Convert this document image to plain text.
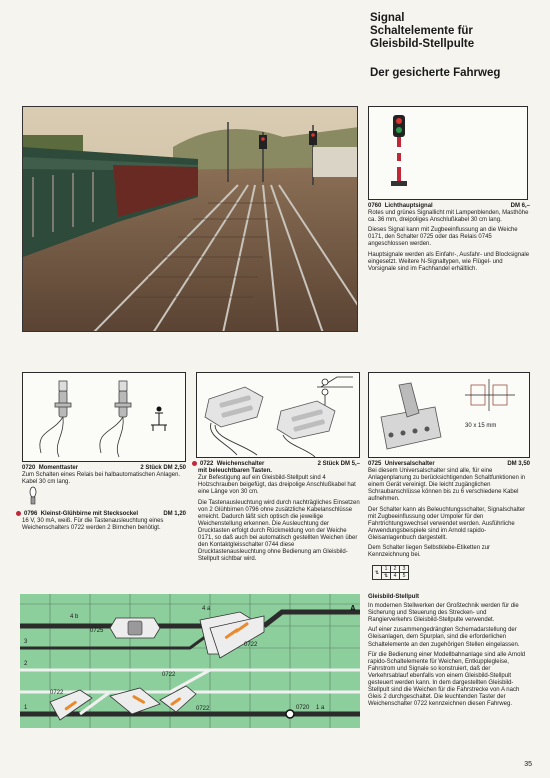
Signal
Schaltelemente für
Gleisbild-Stellpulte
Der gesicherte Fahrweg
0760 Lichthauptsignal	DM 6,–

Rotes und grünes Signallicht mit Lampenblenden, Masthöhe ca. 36 mm, dreipoliges Anschlußkabel 30 cm lang.

Dieses Signal kann mit Zugbeeinflussung an die Weiche 0171, den Schalter 0725 oder das Relais 0745 angeschlossen werden.

Hauptsignale werden als Einfahr-, Ausfahr- und Blocksignale eingesetzt. Weitere N-Signaltypen, wie Flügel- und Vorsignale sind im Fachhandel erhältlich.

0720 Momenttaster	2 Stück DM 2,50

Zum Schalten eines Relais bei halbautomatischen Anlagen. Kabel 30 cm lang.

0796 Kleinst-Glühbirne mit Stecksockel	DM 1,20

16 V, 30 mA, weiß. Für die Tastenausleuchtung eines Weichenschalters 0722 werden 2 Birnchen benötigt.

0722 Weichenschalter	2 Stück DM 5,–
mit beleuchtbaren Tasten.

Zur Befestigung auf ein Gleisbild-Stellpult sind 4 Holzschrauben beigefügt, das dreipolige Anschlußkabel hat eine Länge von 30 cm.

Die Tastenausleuchtung wird durch nachträgliches Einsetzen von 2 Glühbirnen 0796 ohne zusätzliche Kabelanschlüsse erreicht. Dadurch läßt sich optisch die jeweilige Weichenstellung erkennen. Die Ausleuchtung der Drucktasten erfolgt durch Rückmeldung von der Weiche 0171, so daß auch bei automatisch gestellten Weichen über den Kontaktgleisschalter 0744 diese Drucktastenausleuchtung ohne Bedienung am Gleisbild-Stellpult sichtbar wird.

30 x 15 mm
0725 Universalschalter	DM 3,50

Bei diesem Universalschalter sind alle, für eine Anlagenplanung zu berücksichtigenden Schaltfunktionen in einem Gerät vereinigt. Die leicht zugänglichen Schraubanschlüsse können bis zu 6 verschiedene Kabel aufnehmen.

Der Schalter kann als Beleuchtungsschalter, Signalschalter mit Zugbeeinflussung oder Umpoler für den Fahrtrichtungswechsel verwendet werden. Ausführliche Anwendungsbeispiele sind im Arnold rapido-Gleisanlagenbuch dargestellt.

Dem Schalter liegen Selbstklebe-Etiketten zur Kennzeichnung bei.

⇅	1	2	3
	⇅	4	5
4 b
4 a
3
2
1	1 a
A
0725
0722
0722
0722
0722	0720
Gleisbild-Stellpult

In modernen Stellwerken der Großtechnik werden für die Sicherung und Steuerung des Strecken- und Rangierverkehrs Gleisbild-Stellpulte verwendet.

Auf einer zusammengedrängten Schemadarstellung der Gleisanlagen, dem Spurplan, sind die erforderlichen Schaltelemente an den zugehörigen Stellen eingelassen.

Für die Bedienung einer Modellbahnanlage sind alle Arnold rapido-Schaltelemente für Weichen, Entkupplegleise, Fahrstrom und Signale so konstruiert, daß der Verkehrsablauf ebenfalls von einem Gleisbild-Stellpult gesteuert werden kann. In dem dargestellten Gleisbild-Stellpult sind die Weichen für die Fahrstrecke von A nach Gleis 2 durchgeschaltet. Die leuchtenden Taster der Weichenschalter 0722 kennzeichnen diesen Fahrweg.

35
